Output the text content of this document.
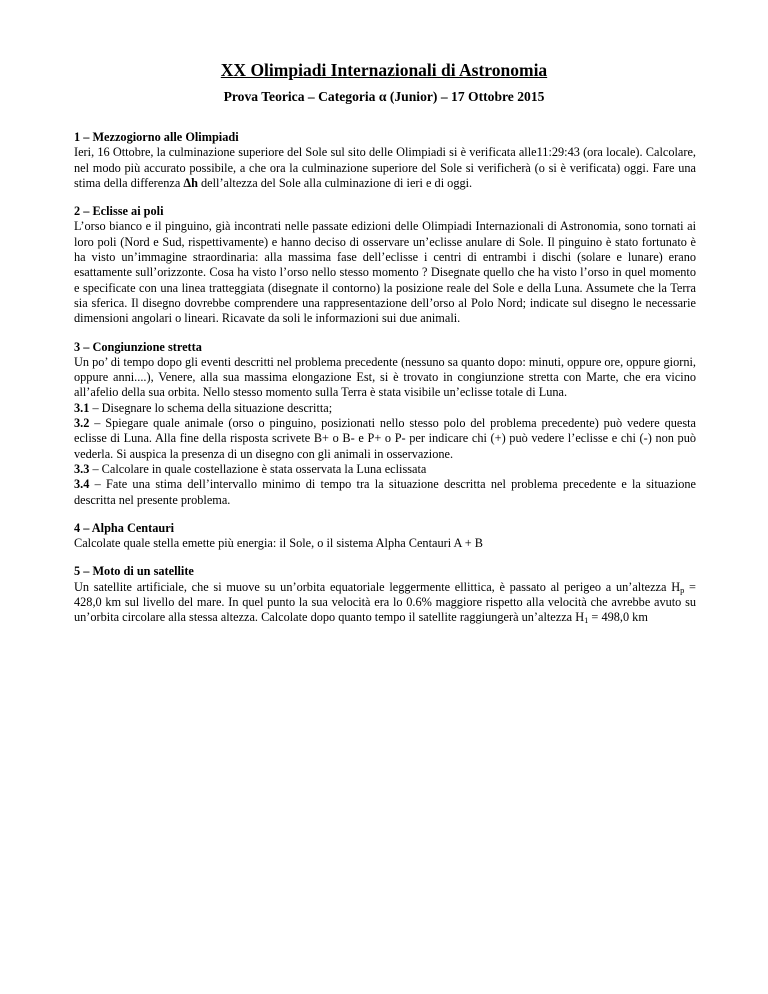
XX Olimpiadi Internazionali di Astronomia
Prova Teorica – Categoria α (Junior) – 17 Ottobre 2015
1 – Mezzogiorno alle Olimpiadi

Ieri, 16 Ottobre, la culminazione superiore del Sole sul sito delle Olimpiadi si è verificata alle11:29:43 (ora locale). Calcolare, nel modo più accurato possibile, a che ora la culminazione superiore del Sole si verificherà (o si è verificata) oggi. Fare una stima della differenza Δh dell’altezza del Sole alla culminazione di ieri e di oggi.

2 – Eclisse ai poli

L’orso bianco e il pinguino, già incontrati nelle passate edizioni delle Olimpiadi Internazionali di Astronomia, sono tornati ai loro poli (Nord e Sud, rispettivamente) e hanno deciso di osservare un’eclisse anulare di Sole. Il pinguino è stato fortunato è ha visto un’immagine straordinaria: alla massima fase dell’eclisse i centri di entrambi i dischi (solare e lunare) erano esattamente sull’orizzonte. Cosa ha visto l’orso nello stesso momento ? Disegnate quello che ha visto l’orso in quel momento e specificate con una linea tratteggiata (disegnate il contorno) la posizione reale del Sole e della Luna. Assumete che la Terra sia sferica. Il disegno dovrebbe comprendere una rappresentazione dell’orso al Polo Nord; indicate sul disegno le necessarie dimensioni angolari o lineari. Ricavate da soli le informazioni sui due animali.

3 – Congiunzione stretta

Un po’ di tempo dopo gli eventi descritti nel problema precedente (nessuno sa quanto dopo: minuti, oppure ore, oppure giorni, oppure anni....), Venere, alla sua massima elongazione Est, si è trovato in congiunzione stretta con Marte, che era vicino all’afelio della sua orbita. Nello stesso momento sulla Terra è stata visibile un’eclisse totale di Luna.

3.1 – Disegnare lo schema della situazione descritta;

3.2 – Spiegare quale animale (orso o pinguino, posizionati nello stesso polo del problema precedente) può vedere questa eclisse di Luna. Alla fine della risposta scrivete B+ o B- e P+ o P- per indicare chi (+) può vedere l’eclisse e chi (-) non può vederla. Si auspica la presenza di un disegno con gli animali in osservazione.

3.3 – Calcolare in quale costellazione è stata osservata la Luna eclissata

3.4 – Fate una stima dell’intervallo minimo di tempo tra la situazione descritta nel problema precedente e la situazione descritta nel presente problema.

4 – Alpha Centauri

Calcolate quale stella emette più energia: il Sole, o il sistema Alpha Centauri A + B

5 – Moto di un satellite

Un satellite artificiale, che si muove su un’orbita equatoriale leggermente ellittica, è passato al perigeo a un’altezza $H_p = 428,0$ km sul livello del mare. In quel punto la sua velocità era lo 0.6% maggiore rispetto alla velocità che avrebbe avuto su un’orbita circolare alla stessa altezza. Calcolate dopo quanto tempo il satellite raggiungerà un’altezza $H_1 = 498,0$ km
